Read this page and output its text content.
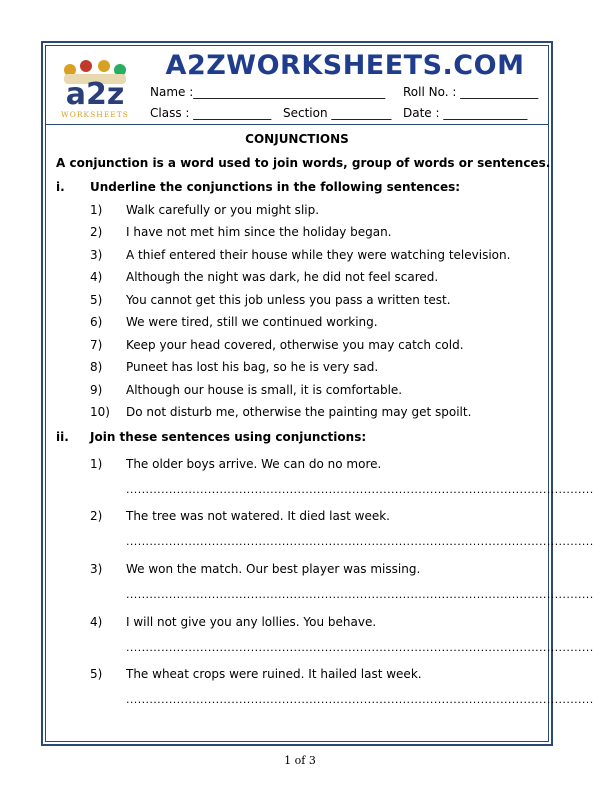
a2z
WORKSHEETS
A2ZWORKSHEETS.COM
Name :________________________________ Roll No. : _____________
Class : _____________ Section __________ Date : ______________
CONJUNCTIONS
A conjunction is a word used to join words, group of words or sentences.
i. Underline the conjunctions in the following sentences:
1) Walk carefully or you might slip.
2) I have not met him since the holiday began.
3) A thief entered their house while they were watching television.
4) Although the night was dark, he did not feel scared.
5) You cannot get this job unless you pass a written test.
6) We were tired, still we continued working.
7) Keep your head covered, otherwise you may catch cold.
8) Puneet has lost his bag, so he is very sad.
9) Although our house is small, it is comfortable.
10) Do not disturb me, otherwise the painting may get spoilt.
ii. Join these sentences using conjunctions:
1) The older boys arrive. We can do no more.
........................................................................................................................
2) The tree was not watered. It died last week.
........................................................................................................................
3) We won the match. Our best player was missing.
........................................................................................................................
4) I will not give you any lollies. You behave.
........................................................................................................................
5) The wheat crops were ruined. It hailed last week.
........................................................................................................................
1 of 3
